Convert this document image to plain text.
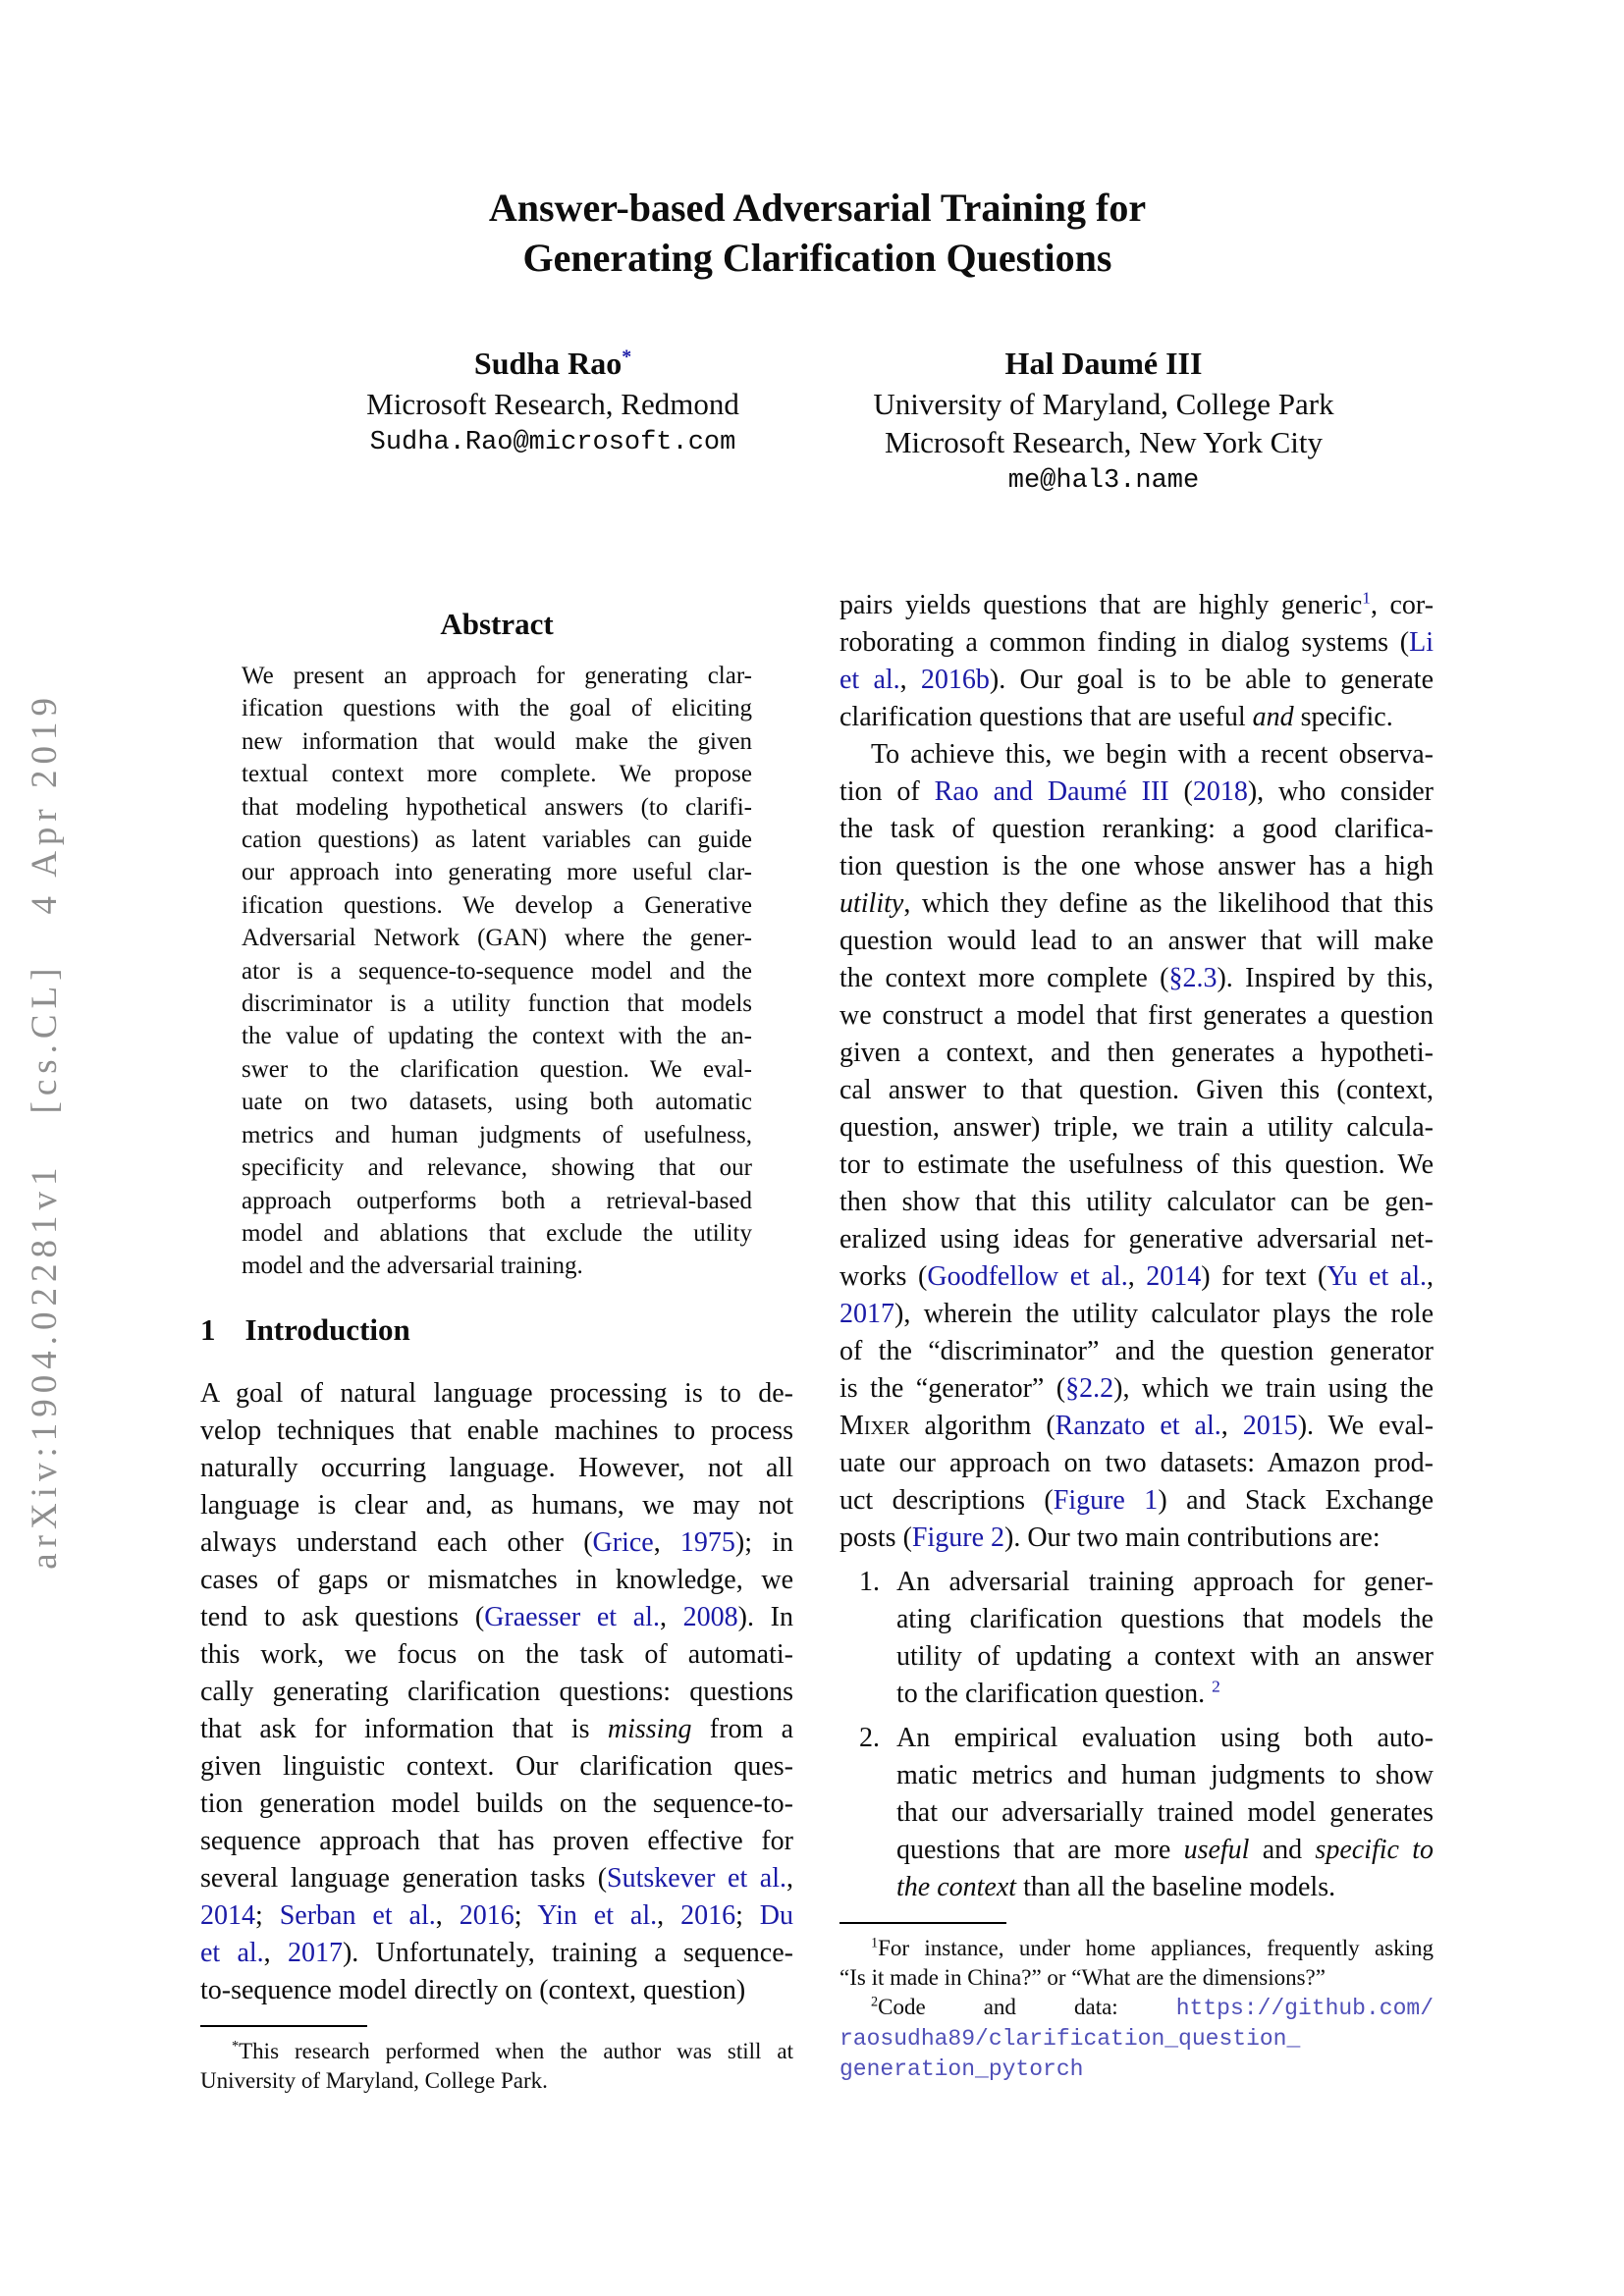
arXiv:1904.02281v1  [cs.CL]  4 Apr 2019
Answer-based Adversarial Training for
Generating Clarification Questions
Sudha Rao*
Microsoft Research, Redmond
Sudha.Rao@microsoft.com
Hal Daumé III
University of Maryland, College Park
Microsoft Research, New York City
me@hal3.name
Abstract
We present an approach for generating clar-
ification questions with the goal of eliciting
new information that would make the given
textual context more complete. We propose
that modeling hypothetical answers (to clarifi-
cation questions) as latent variables can guide
our approach into generating more useful clar-
ification questions. We develop a Generative
Adversarial Network (GAN) where the gener-
ator is a sequence-to-sequence model and the
discriminator is a utility function that models
the value of updating the context with the an-
swer to the clarification question. We eval-
uate on two datasets, using both automatic
metrics and human judgments of usefulness,
specificity and relevance, showing that our
approach outperforms both a retrieval-based
model and ablations that exclude the utility
model and the adversarial training.
1 Introduction
A goal of natural language processing is to de-
velop techniques that enable machines to process
naturally occurring language. However, not all
language is clear and, as humans, we may not
always understand each other (Grice, 1975); in
cases of gaps or mismatches in knowledge, we
tend to ask questions (Graesser et al., 2008). In
this work, we focus on the task of automati-
cally generating clarification questions: questions
that ask for information that is missing from a
given linguistic context. Our clarification ques-
tion generation model builds on the sequence-to-
sequence approach that has proven effective for
several language generation tasks (Sutskever et al.,
2014; Serban et al., 2016; Yin et al., 2016; Du
et al., 2017). Unfortunately, training a sequence-
to-sequence model directly on (context, question)
*This research performed when the author was still at
University of Maryland, College Park.
pairs yields questions that are highly generic$^1$, cor-
roborating a common finding in dialog systems (Li
et al., 2016b). Our goal is to be able to generate
clarification questions that are useful and specific.
To achieve this, we begin with a recent observa-
tion of Rao and Daumé III (2018), who consider
the task of question reranking: a good clarifica-
tion question is the one whose answer has a high
utility, which they define as the likelihood that this
question would lead to an answer that will make
the context more complete (§2.3). Inspired by this,
we construct a model that first generates a question
given a context, and then generates a hypotheti-
cal answer to that question. Given this (context,
question, answer) triple, we train a utility calcula-
tor to estimate the usefulness of this question. We
then show that this utility calculator can be gen-
eralized using ideas for generative adversarial net-
works (Goodfellow et al., 2014) for text (Yu et al.,
2017), wherein the utility calculator plays the role
of the “discriminator” and the question generator
is the “generator” (§2.2), which we train using the
Mixer algorithm (Ranzato et al., 2015). We eval-
uate our approach on two datasets: Amazon prod-
uct descriptions (Figure 1) and Stack Exchange
posts (Figure 2). Our two main contributions are:
1. An adversarial training approach for gener-
ating clarification questions that models the
utility of updating a context with an answer
to the clarification question. $^2$
2. An empirical evaluation using both auto-
matic metrics and human judgments to show
that our adversarially trained model generates
questions that are more useful and specific to
the context than all the baseline models.
$^1$For instance, under home appliances, frequently asking
“Is it made in China?” or “What are the dimensions?”
$^2$Code and data: https://github.com/
raosudha89/clarification_question_
generation_pytorch
